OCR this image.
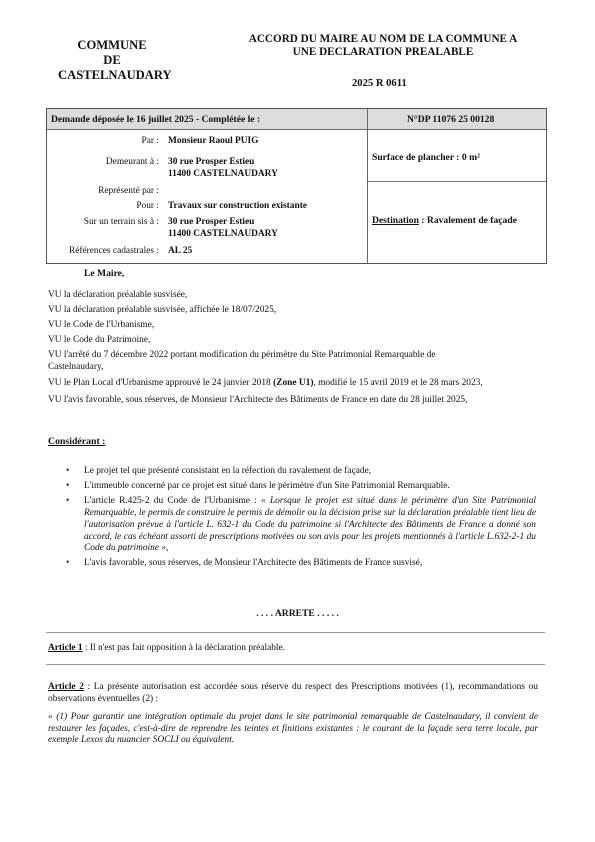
COMMUNE
DE
CASTELNAUDARY
ACCORD DU MAIRE AU NOM DE LA COMMUNE A
UNE DECLARATION PREALABLE
2025 R 0611
Demande déposée le 16 juillet 2025 - Complétée le :	N°DP 11076 25 00128
Par : Monsieur Raoul PUIG
Demeurant à : 30 rue Prosper Estieu
11400 CASTELNAUDARY
Représenté par :
Pour : Travaux sur construction existante
Sur un terrain sis à : 30 rue Prosper Estieu
11400 CASTELNAUDARY
Références cadastrales : AL 25
Surface de plancher : 0 m²
Destination : Ravalement de façade
Le Maire,
VU la déclaration préalable susvisée,
VU la déclaration préalable susvisée, affichée le 18/07/2025,
VU le Code de l'Urbanisme,
VU le Code du Patrimoine,
VU l'arrêté du 7 décembre 2022 portant modification du périmètre du Site Patrimonial Remarquable de
Castelnaudary,
VU le Plan Local d'Urbanisme approuvé le 24 janvier 2018 (Zone U1), modifié le 15 avril 2019 et le 28 mars 2023,
VU l'avis favorable, sous réserves, de Monsieur l'Architecte des Bâtiments de France en date du 28 juillet 2025,
Considérant :
• Le projet tel que présenté consistant en la réfection du ravalement de façade,
• L'immeuble concerné par ce projet est situé dans le périmètre d'un Site Patrimonial Remarquable.
• L'article R.425-2 du Code de l'Urbanisme : « Lorsque le projet est situé dans le périmètre d'un Site Patrimonial Remarquable, le permis de construire le permis de démolir ou la décision prise sur la déclaration préalable tient lieu de l'autorisation prévue à l'article L. 632-1 du Code du patrimoine si l'Architecte des Bâtiments de France a donné son accord, le cas échéant assorti de prescriptions motivées ou son avis pour les projets mentionnés à l'article L.632-2-1 du Code du patrimoine »,
• L'avis favorable, sous réserves, de Monsieur l'Architecte des Bâtiments de France susvisé,
. . . . ARRETE . . . . .
Article 1 : Il n'est pas fait opposition à la déclaration préalable.
Article 2 : La présente autorisation est accordée sous réserve du respect des Prescriptions motivées (1), recommandations ou observations éventuelles (2) :
« (1) Pour garantir une intégration optimale du projet dans le site patrimonial remarquable de Castelnaudary, il convient de restaurer les façades, c'est-à-dire de reprendre les teintes et finitions existantes : le courant de la façade sera terre locale, par exemple Lexos du nuancier SOCLI ou équivalent.
